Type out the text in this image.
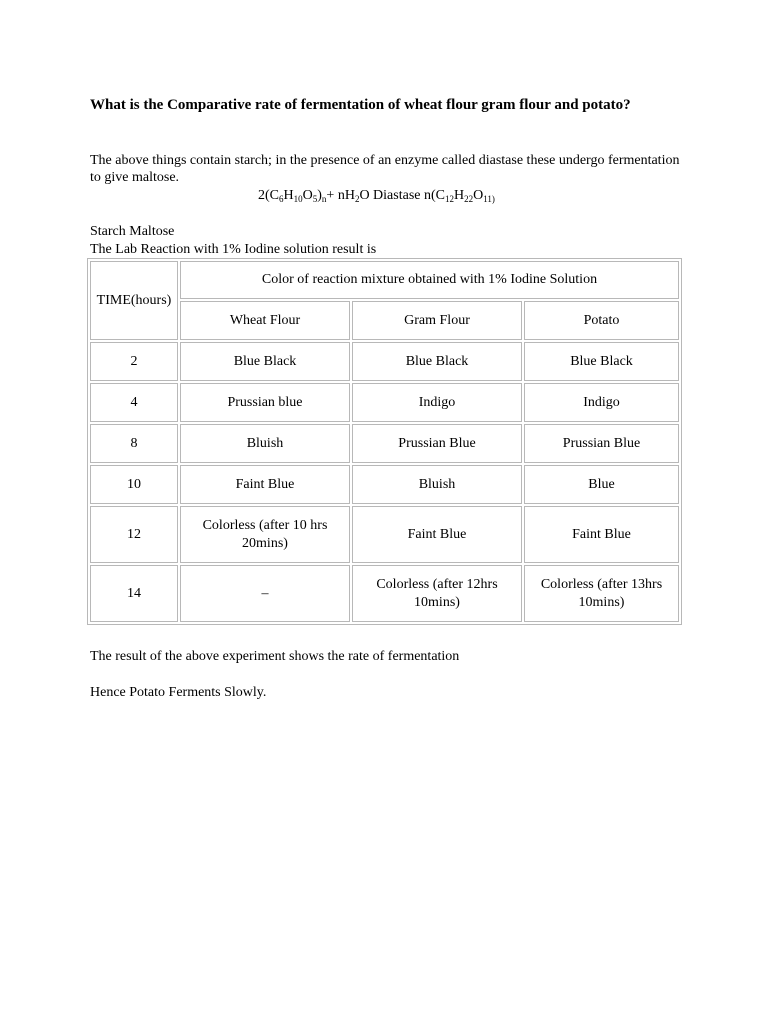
What is the Comparative rate of fermentation of wheat flour gram flour and potato?

The above things contain starch; in the presence of an enzyme called diastase these undergo fermentation to give maltose.

$2(C_6H_{10}O_5)_n+ nH_2O$ Diastase $n(C_{12}H_{22}O_{11)}$

Starch Maltose

The Lab Reaction with 1% Iodine solution result is

TIME(hours)	Color of reaction mixture obtained with 1% Iodine Solution		
	Wheat Flour	Gram Flour	Potato
2	Blue Black	Blue Black	Blue Black
4	Prussian blue	Indigo	Indigo
8	Bluish	Prussian Blue	Prussian Blue
10	Faint Blue	Bluish	Blue
12	Colorless (after 10 hrs 20mins)	Faint Blue	Faint Blue
14	–	Colorless (after 12hrs 10mins)	Colorless (after 13hrs 10mins)

The result of the above experiment shows the rate of fermentation

Hence Potato Ferments Slowly.
